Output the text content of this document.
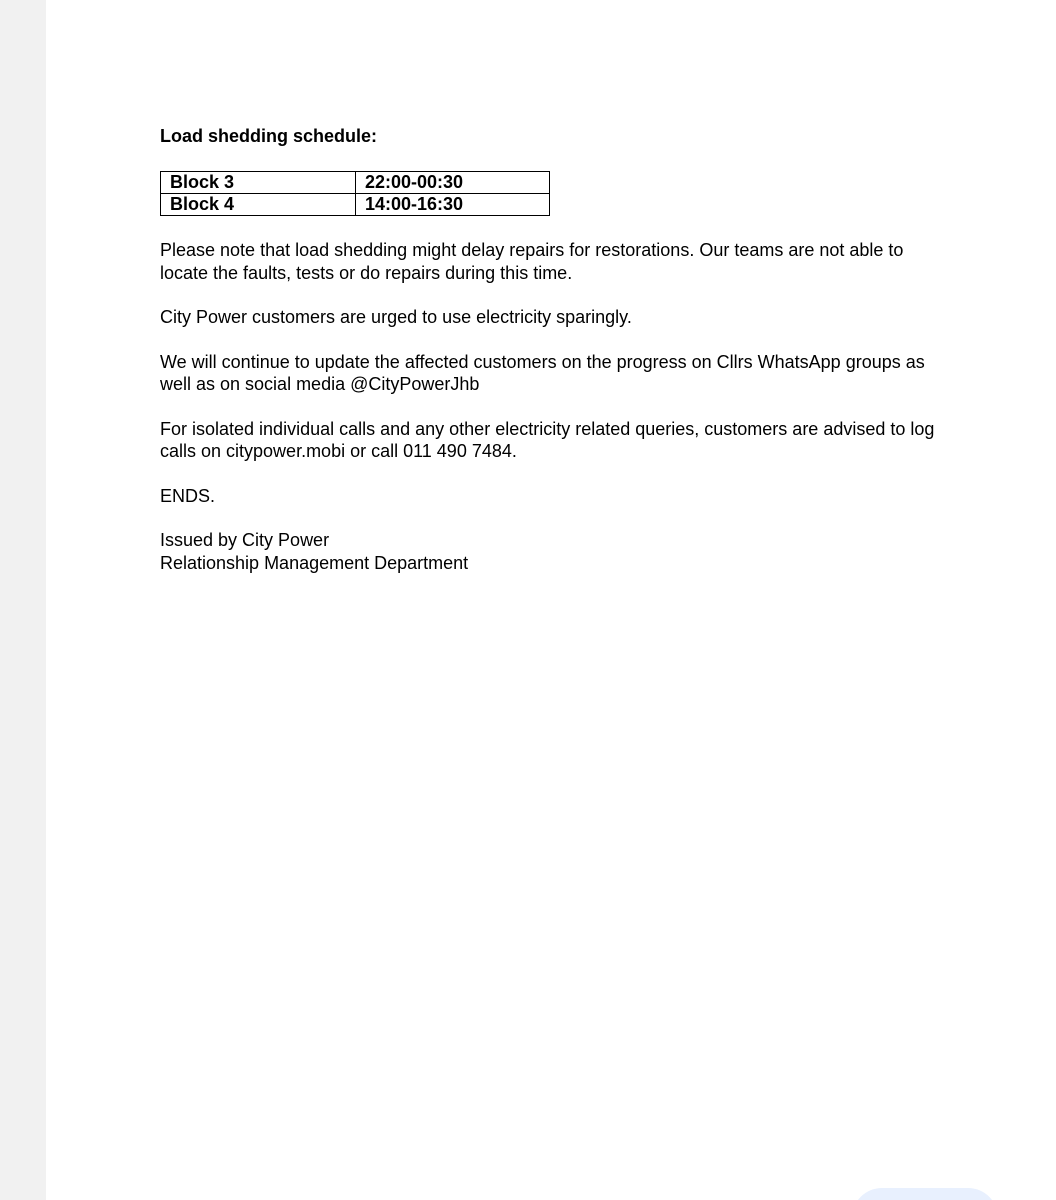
Load shedding schedule:

Block 3	22:00-00:30
Block 4	14:00-16:30

Please note that load shedding might delay repairs for restorations. Our teams are not able to
locate the faults, tests or do repairs during this time.

City Power customers are urged to use electricity sparingly.

We will continue to update the affected customers on the progress on Cllrs WhatsApp groups as
well as on social media @CityPowerJhb

For isolated individual calls and any other electricity related queries, customers are advised to log
calls on citypower.mobi or call 011 490 7484.

ENDS.

Issued by City Power
Relationship Management Department
